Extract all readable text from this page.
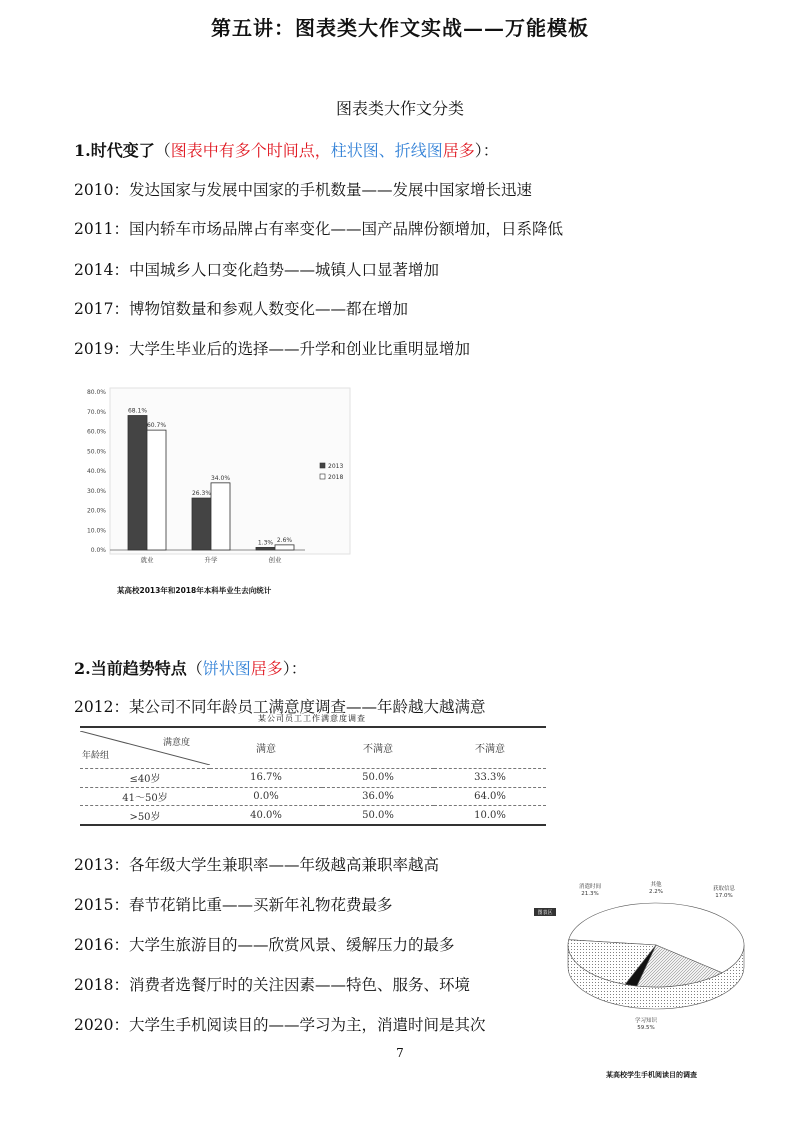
第五讲：图表类大作文实战——万能模板
图表类大作文分类
1.时代变了（图表中有多个时间点，柱状图、折线图居多）：
2010：发达国家与发展中国家的手机数量——发展中国家增长迅速
2011：国内轿车市场品牌占有率变化——国产品牌份额增加，日系降低
2014：中国城乡人口变化趋势——城镇人口显著增加
2017：博物馆数量和参观人数变化——都在增加
2019：大学生毕业后的选择——升学和创业比重明显增加
0.0%
10.0%
20.0%
30.0%
40.0%
50.0%
60.0%
70.0%
80.0%
68.1%
60.7%
就业
26.3%
34.0%
升学
1.3% 2.6%
创业
2013
2018
某高校2013年和2018年本科毕业生去向统计
2.当前趋势特点（饼状图居多）：
2012：某公司不同年龄员工满意度调查——年龄越大越满意
某公司员工工作满意度调查
满意度
年龄组	满意	不满意	不满意
≤40岁	16.7%	50.0%	33.3%
41～50岁	0.0%	36.0%	64.0%
>50岁	40.0%	50.0%	10.0%
2013：各年级大学生兼职率——年级越高兼职率越高
2015：春节花销比重——买新年礼物花费最多
2016：大学生旅游目的——欣赏风景、缓解压力的最多
2018：消费者选餐厅时的关注因素——特色、服务、环境
2020：大学生手机阅读目的——学习为主，消遣时间是其次	学习知识
59.5%
获取信息
17.0%
其他
2.2%
消遣时间
21.3%
图表区
某高校学生手机阅读目的调查
7
